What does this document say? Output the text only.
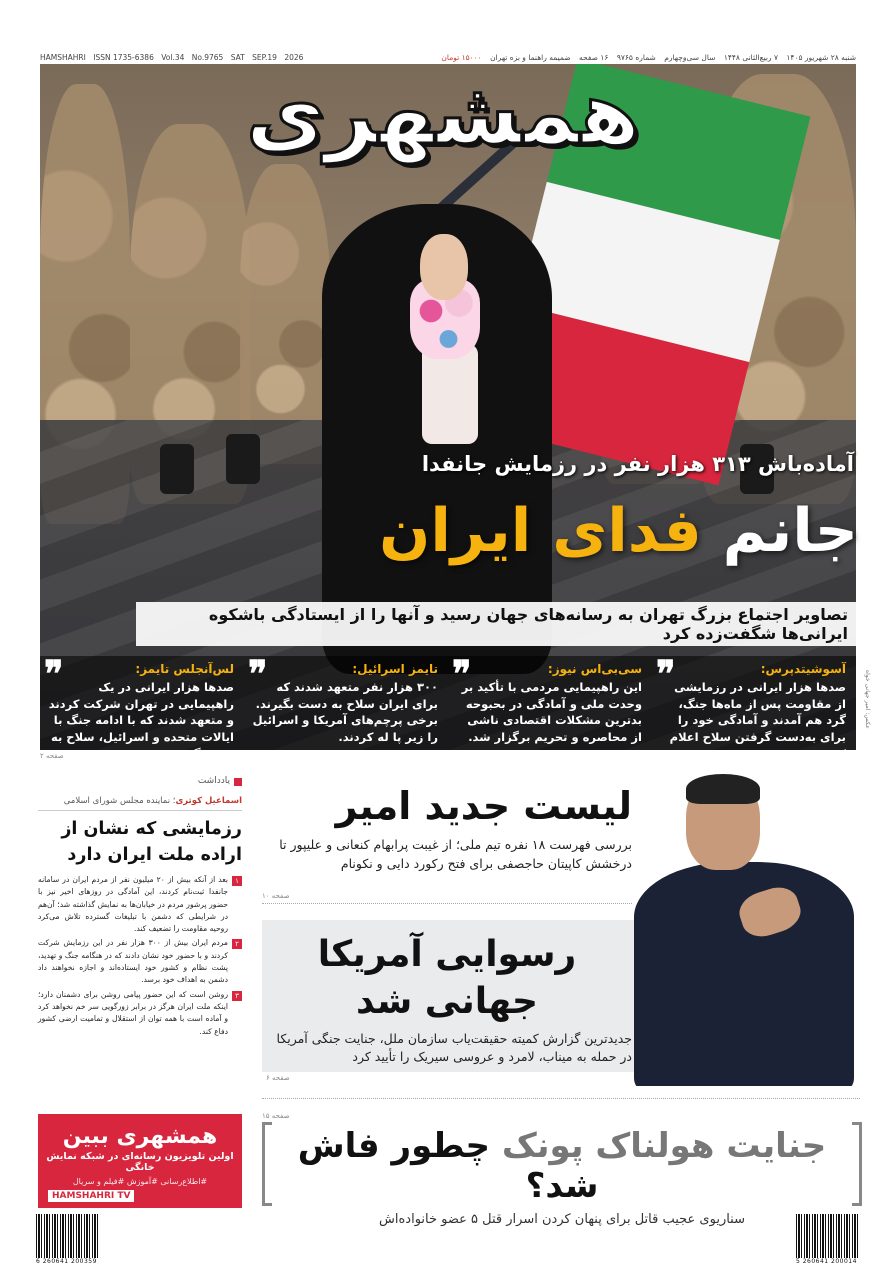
شنبه ۲۸ شهریور ۱۴۰۵ ۷ ربیع‌الثانی ۱۴۴۸ سال سی‌وچهارم شماره ۹۷۶۵ ۱۶ صفحه ضمیمه راهنما و بزه تهران ۱۵۰۰۰ تومان
HAMSHAHRI ISSN 1735-6386 Vol.34 No.9765 SAT SEP.19 2026
همشهری
آماده‌باش ۳۱۳ هزار نفر در رزمایش جانفدا
جانم فدای ایران
تصاویر اجتماع بزرگ تهران به رسانه‌های جهان رسید و آنها را از ایستادگی باشکوه ایرانی‌ها شگفت‌زده کرد
❞	آسوشیتدپرس:
صدها هزار ایرانی در رزمایشی از مقاومت پس از ماه‌ها جنگ، گرد هم آمدند و آمادگی خود را برای به‌دست گرفتن سلاح اعلام کردند.
❞	سی‌بی‌اس نیوز:
این راهپیمایی مردمی با تأکید بر وحدت ملی و آمادگی در بحبوحه بدترین مشکلات اقتصادی ناشی از محاصره و تحریم برگزار شد.
❞	تایمز اسرائیل:
۳۰۰ هزار نفر متعهد شدند که برای ایران سلاح به دست بگیرند. برخی پرچم‌های آمریکا و اسرائیل را زیر پا له کردند.
❞	لس‌آنجلس تایمز:
صدها هزار ایرانی در یک راهپیمایی در تهران شرکت کردند و متعهد شدند که با ادامه جنگ با ایالات متحده و اسرائیل، سلاح به دست گیرند.
عکس: امیر جهانی خواه
صفحه ۲
یادداشت
اسماعیل کوثری؛ نماینده مجلس شورای اسلامی
رزمایشی که نشان از اراده ملت ایران دارد

۱
بعد از آنکه بیش از ۲۰ میلیون نفر از مردم ایران در سامانه جانفدا ثبت‌نام کردند، این آمادگی در روزهای اخیر نیز با حضور پرشور مردم در خیابان‌ها به نمایش گذاشته شد؛ آن‌هم در شرایطی که دشمن با تبلیغات گسترده تلاش می‌کرد روحیه مقاومت را تضعیف کند.

۲
مردم ایران بیش از ۳۰۰ هزار نفر در این رزمایش شرکت کردند و با حضور خود نشان دادند که در هنگامه جنگ و تهدید، پشت نظام و کشور خود ایستاده‌اند و اجازه نخواهند داد دشمن به اهداف خود برسد.

۳
روشن است که این حضور پیامی روشن برای دشمنان دارد؛ اینکه ملت ایران هرگز در برابر زورگویی سر خم نخواهد کرد و آماده است با همه توان از استقلال و تمامیت ارضی کشور دفاع کند.

همشهری ببین
اولین تلویزیون رسانه‌ای در شبکه نمایش خانگی
#اطلاع‌رسانی #آموزش #فیلم و سریال
HAMSHAHRI TV
لیست جدید امیر
بررسی فهرست ۱۸ نفره تیم ملی؛ از غیبت پرابهام کنعانی و علیپور تا درخشش کاپیتان حاجصفی برای فتح رکورد دایی و نکونام
صفحه ۱۰
رسوایی آمریکا جهانی شد
جدیدترین گزارش کمیته حقیقت‌یاب سازمان ملل، جنایت جنگی آمریکا در حمله به میناب، لامرد و عروسی سیریک را تأیید کرد
صفحه ۶
صفحه ۱۵
جنایت هولناک پونک چطور فاش شد؟
سناریوی عجیب قاتل برای پنهان کردن اسرار قتل ۵ عضو خانواده‌اش
6 260641 200359	5 260641 200014
